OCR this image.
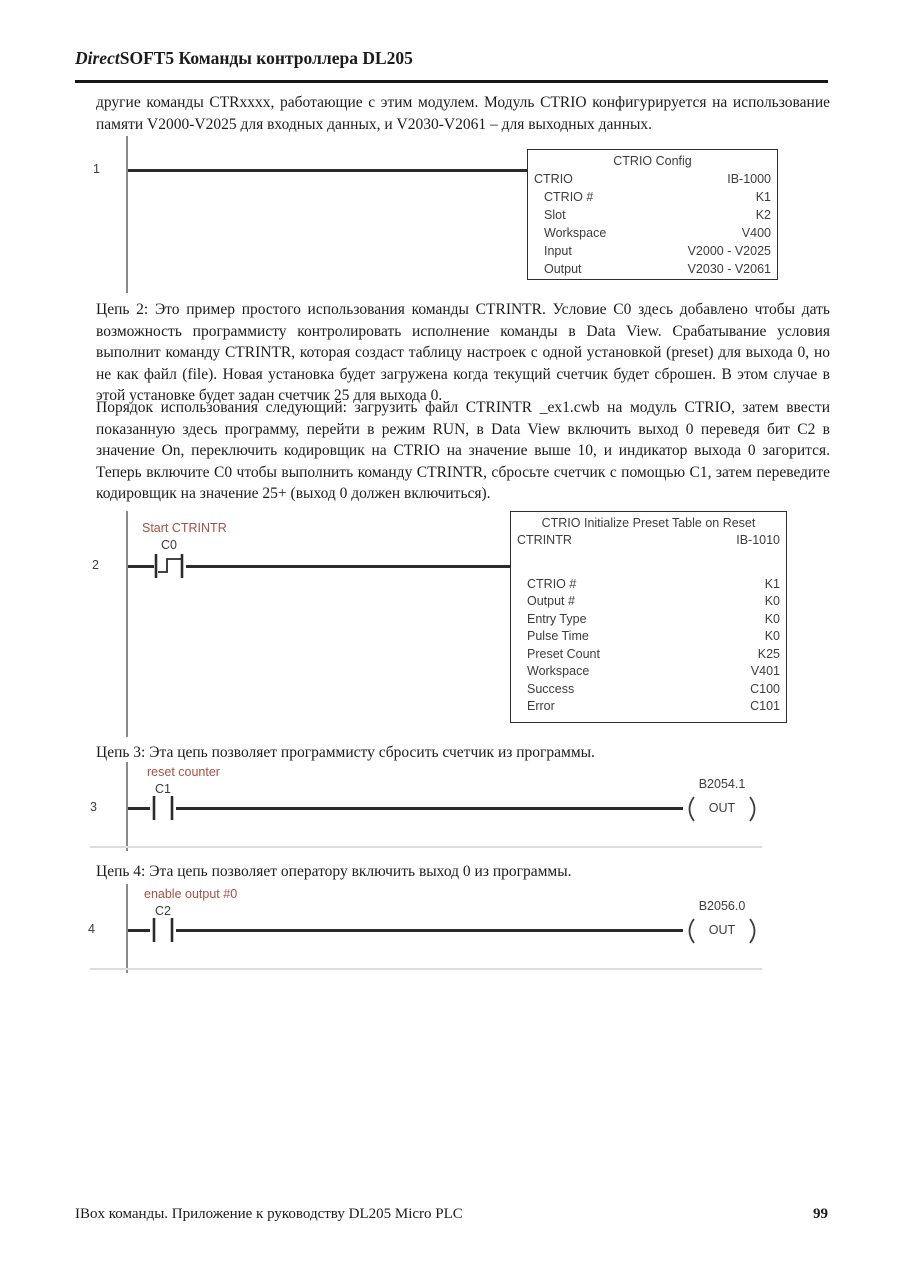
DirectSOFT5 Команды контроллера DL205
другие команды CTRxxxx, работающие с этим модулем. Модуль CTRIO конфигурируется на использование памяти V2000-V2025 для входных данных, и V2030-V2061 – для выходных данных.
1
CTRIO Config
CTRIO	IB-1000
CTRIO #	K1
Slot	K2
Workspace	V400
Input	V2000 - V2025
Output	V2030 - V2061
Цепь 2: Это пример простого использования команды CTRINTR. Условие C0 здесь добавлено чтобы дать возможность программисту контролировать исполнение команды в Data View. Срабатывание условия выполнит команду CTRINTR, которая создаст таблицу настроек с одной установкой (preset) для выхода 0, но не как файл (file). Новая установка будет загружена когда текущий счетчик будет сброшен. В этом случае в этой установке будет задан счетчик 25 для выхода 0.
Порядок использования следующий: загрузить файл CTRINTR _ex1.cwb на модуль CTRIO, затем ввести показанную здесь программу, перейти в режим RUN, в Data View включить выход 0 переведя бит C2 в значение On, переключить кодировщик на CTRIO на значение выше 10, и индикатор выхода 0 загорится. Теперь включите C0 чтобы выполнить команду CTRINTR, сбросьте счетчик с помощью C1, затем переведите кодировщик на значение 25+ (выход 0 должен включиться).
Start CTRINTR
C0
2
CTRIO Initialize Preset Table on Reset
CTRINTR	IB-1010
CTRIO #	K1
Output #	K0
Entry Type	K0
Pulse Time	K0
Preset Count	K25
Workspace	V401
Success	C100
Error	C101
Цепь 3: Эта цепь позволяет программисту сбросить счетчик из программы.
reset counter
C1
3
B2054.1
OUT
Цепь 4: Эта цепь позволяет оператору включить выход 0 из программы.
enable output #0
C2
4
B2056.0
OUT
IBox команды. Приложение к руководству DL205 Micro PLC	99
